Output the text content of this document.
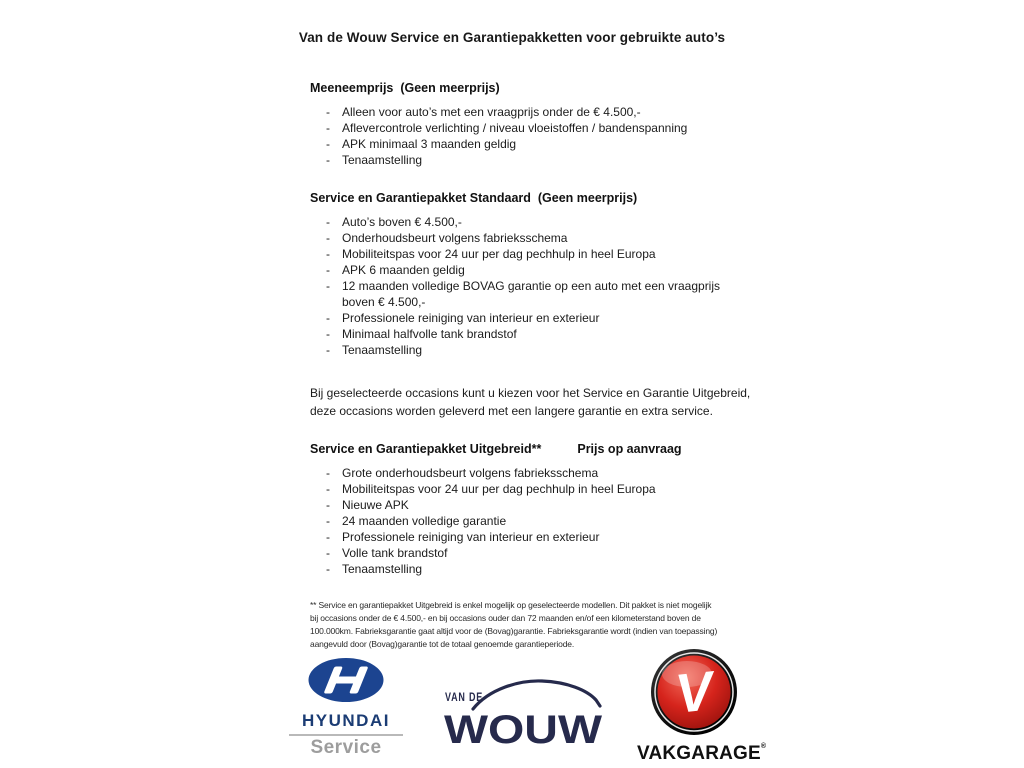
Van de Wouw Service en Garantiepakketten voor gebruikte auto’s
Meeneemprijs  (Geen meerprijs)
-	Alleen voor auto’s met een vraagprijs onder de € 4.500,-
-	Aflevercontrole verlichting / niveau vloeistoffen / bandenspanning
-	APK minimaal 3 maanden geldig
-	Tenaamstelling
Service en Garantiepakket Standaard  (Geen meerprijs)
-	Auto’s boven € 4.500,-
-	Onderhoudsbeurt volgens fabrieksschema
-	Mobiliteitspas voor 24 uur per dag pechhulp in heel Europa
-	APK 6 maanden geldig
-	12 maanden volledige BOVAG garantie op een auto met een vraagprijs boven € 4.500,-
-	Professionele reiniging van interieur en exterieur
-	Minimaal halfvolle tank brandstof
-	Tenaamstelling
Bij geselecteerde occasions kunt u kiezen voor het Service en Garantie Uitgebreid,
deze occasions worden geleverd met een langere garantie en extra service.
Service en Garantiepakket Uitgebreid**	Prijs op aanvraag
-	Grote onderhoudsbeurt volgens fabrieksschema
-	Mobiliteitspas voor 24 uur per dag pechhulp in heel Europa
-	Nieuwe APK
-	24 maanden volledige garantie
-	Professionele reiniging van interieur en exterieur
-	Volle tank brandstof
-	Tenaamstelling
** Service en garantiepakket Uitgebreid is enkel mogelijk op geselecteerde modellen. Dit pakket is niet mogelijk
bij occasions onder de € 4.500,- en bij occasions ouder dan 72 maanden en/of een kilometerstand boven de
100.000km. Fabrieksgarantie gaat altijd voor de (Bovag)garantie. Fabrieksgarantie wordt (indien van toepassing)
aangevuld door (Bovag)garantie tot de totaal genoemde garantieperiode.
HYUNDAI
Service
VAN DE
WOUW
V
VAKGARAGE®
